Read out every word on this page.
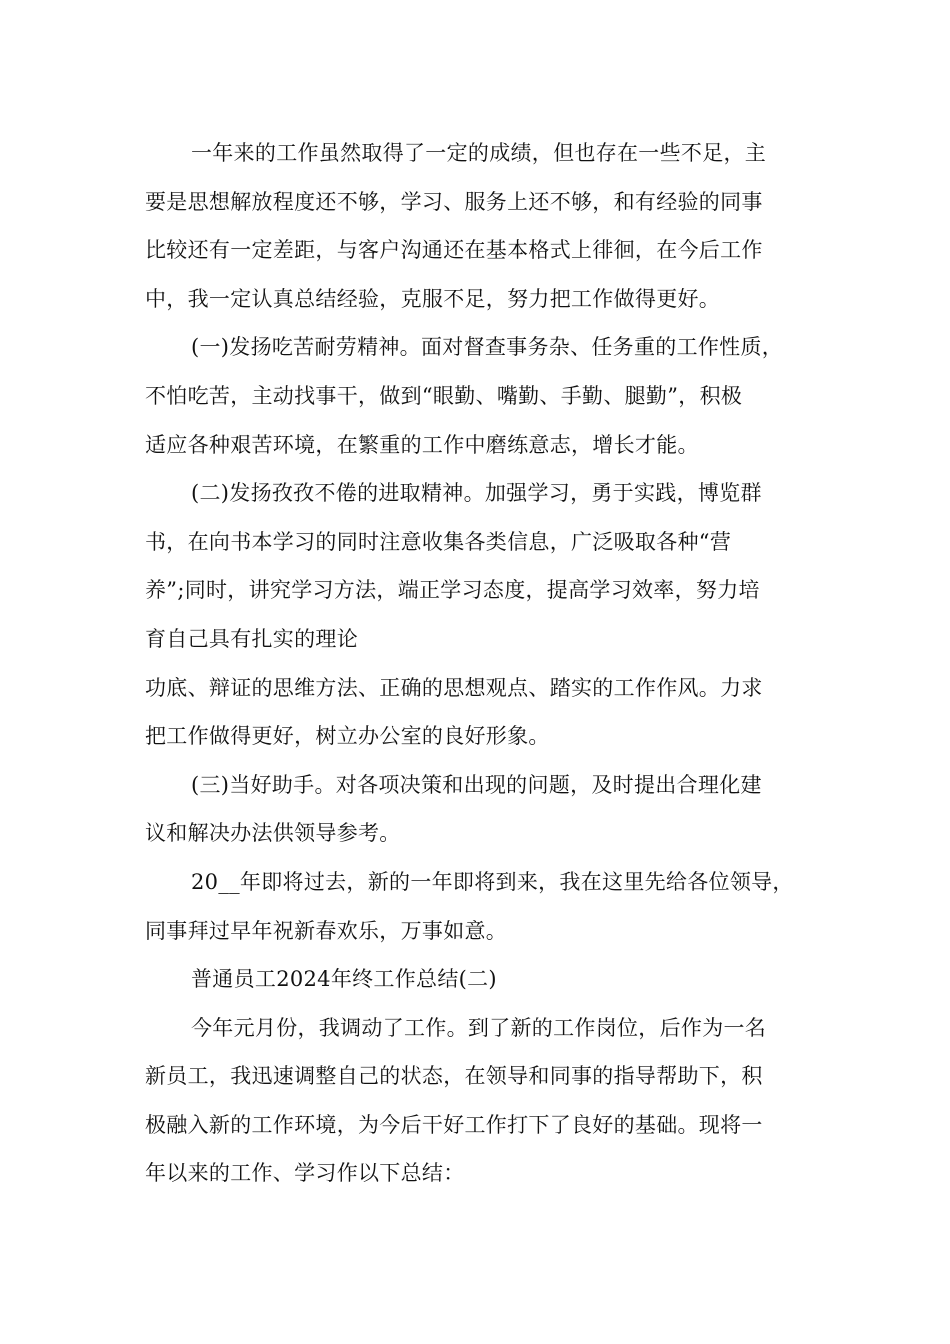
一年来的工作虽然取得了一定的成绩，但也存在一些不足，主
要是思想解放程度还不够，学习、服务上还不够，和有经验的同事
比较还有一定差距，与客户沟通还在基本格式上徘徊，在今后工作
中，我一定认真总结经验，克服不足，努力把工作做得更好。
(一)发扬吃苦耐劳精神。面对督查事务杂、任务重的工作性质，
不怕吃苦，主动找事干，做到“眼勤、嘴勤、手勤、腿勤”，积极
适应各种艰苦环境，在繁重的工作中磨练意志，增长才能。
(二)发扬孜孜不倦的进取精神。加强学习，勇于实践，博览群
书，在向书本学习的同时注意收集各类信息，广泛吸取各种“营
养”;同时，讲究学习方法，端正学习态度，提高学习效率，努力培
育自己具有扎实的理论
功底、辩证的思维方法、正确的思想观点、踏实的工作作风。力求
把工作做得更好，树立办公室的良好形象。
(三)当好助手。对各项决策和出现的问题，及时提出合理化建
议和解决办法供领导参考。
20__年即将过去，新的一年即将到来，我在这里先给各位领导，
同事拜过早年祝新春欢乐，万事如意。
普通员工2024年终工作总结(二)
今年元月份，我调动了工作。到了新的工作岗位，后作为一名
新员工，我迅速调整自己的状态，在领导和同事的指导帮助下，积
极融入新的工作环境，为今后干好工作打下了良好的基础。现将一
年以来的工作、学习作以下总结：
